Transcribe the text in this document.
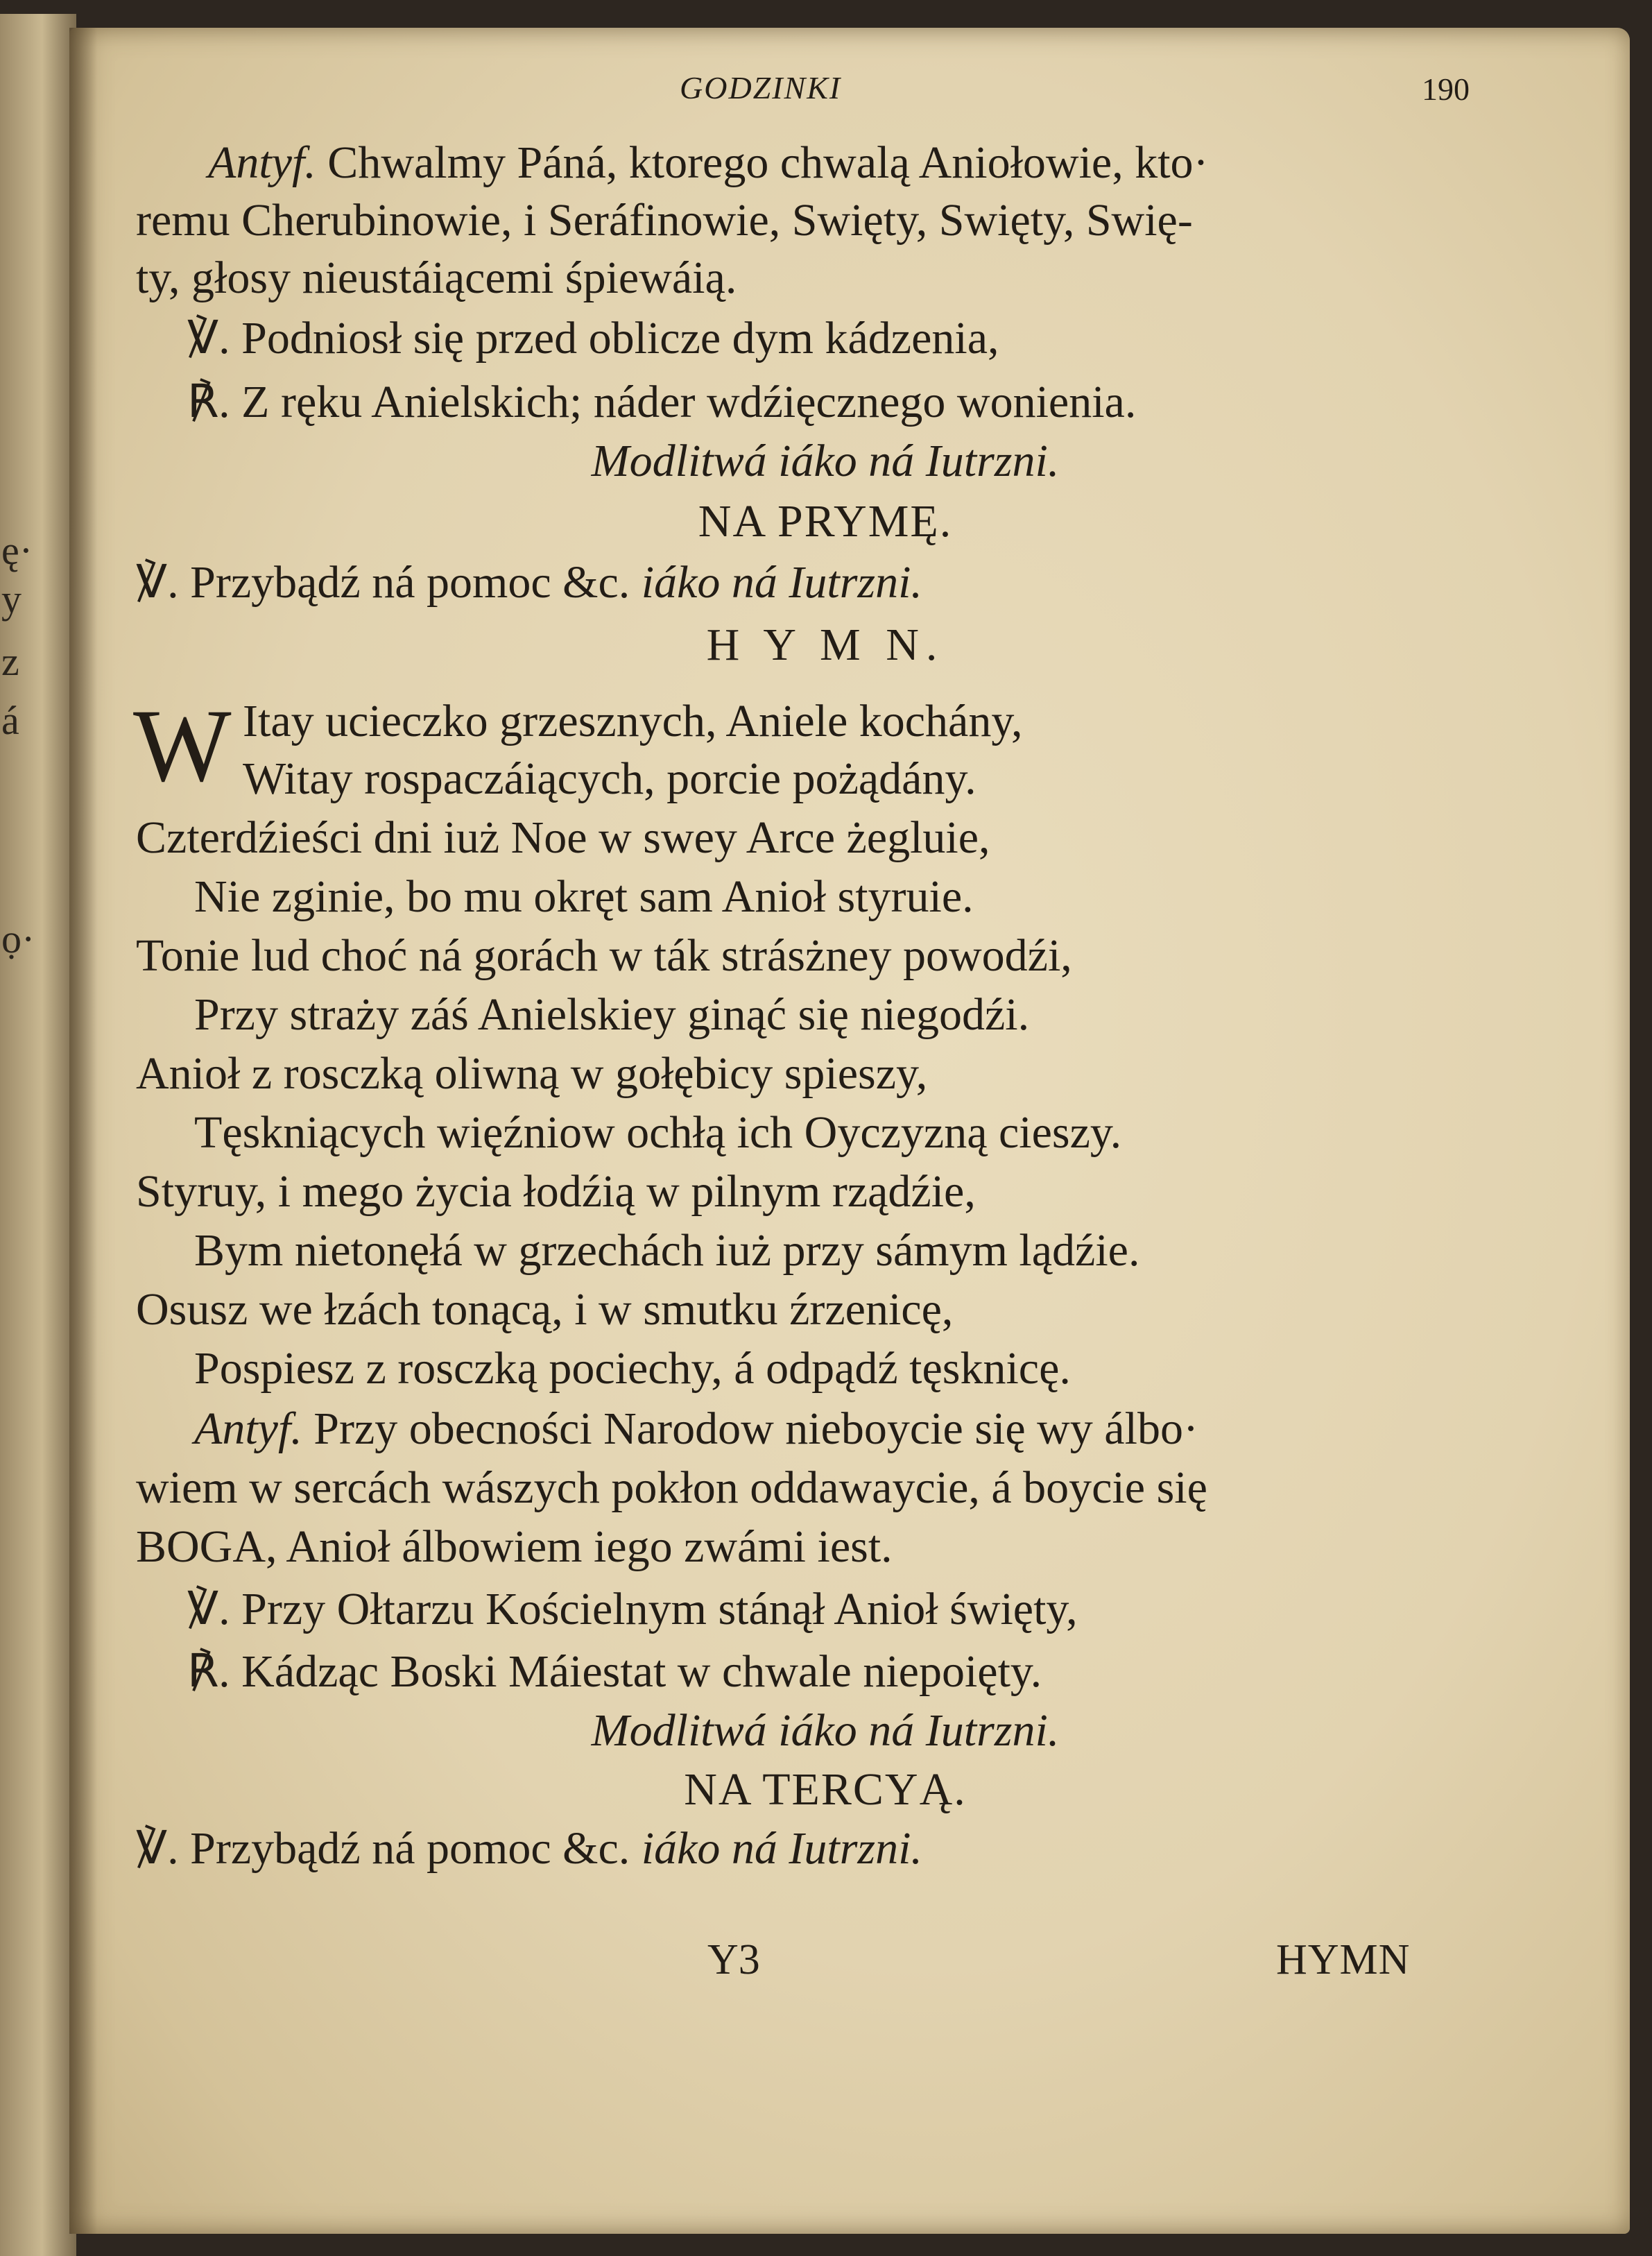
ę·
y
z
á
ọ·
GODZINKI	190
Antyf. Chwalmy Páná, ktorego chwalą Aniołowie, kto·
remu Cherubinowie, i Seráfinowie, Swięty, Swięty, Swię-
ty, głosy nieustáiącemi śpiewáią.
℣. Podniosł się przed oblicze dym kádzenia,
℟. Z ręku Anielskich; náder wdźięcznego wonienia.
Modlitwá iáko ná Iutrzni.
NA PRYMĘ.
℣. Przybądź ná pomoc &c. iáko ná Iutrzni.
H Y M N.
W Itay ucieczko grzesznych, Aniele kochány,
Witay rospaczáiących, porcie pożądány.
Czterdźieści dni iuż Noe w swey Arce żegluie,
Nie zginie, bo mu okręt sam Anioł styruie.
Tonie lud choć ná gorách w ták strásżney powodźi,
Przy straży záś Anielskiey ginąć się niegodźi.
Anioł z rosczką oliwną w gołębicy spieszy,
Tęskniących więźniow ochłą ich Oyczyzną cieszy.
Styruy, i mego życia łodźią w pilnym rządźie,
Bym nietonęłá w grzechách iuż przy sámym lądźie.
Osusz we łzách tonącą, i w smutku źrzenicę,
Pospiesz z rosczką pociechy, á odpądź tęsknicę.
Antyf. Przy obecności Narodow nieboycie się wy álbo·
wiem w sercách wászych pokłon oddawaycie, á boycie się
BOGA, Anioł álbowiem iego zwámi iest.
℣. Przy Ołtarzu Kościelnym stánął Anioł święty,
℟. Kádząc Boski Máiestat w chwale niepoięty.
Modlitwá iáko ná Iutrzni.
NA TERCYĄ.
℣. Przybądź ná pomoc &c. iáko ná Iutrzni.
Y3	HYMN
